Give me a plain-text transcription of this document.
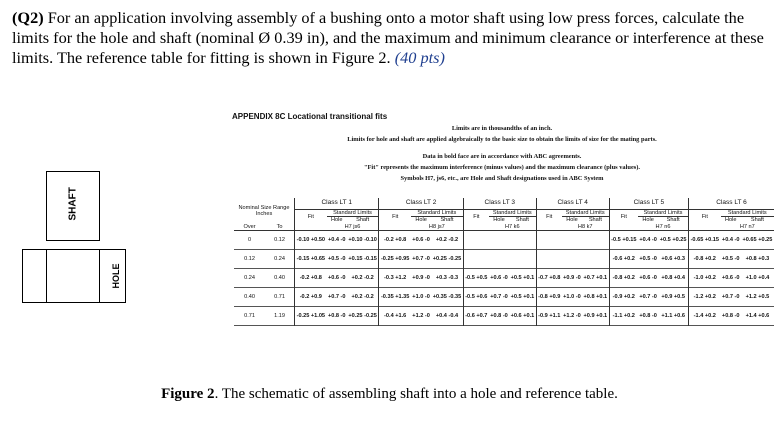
(Q2) For an application involving assembly of a bushing onto a motor shaft using low press forces, calculate the limits for the hole and shaft (nominal Ø 0.39 in), and the maximum and minimum clearance or interference at these limits. The reference table for fitting is shown in Figure 2. (40 pts)
SHAFT
HOLE
APPENDIX 8C Locational transitional fits
Limits are in thousandths of an inch.
Limits for hole and shaft are applied algebraically to the basic size to obtain the limits of size for the mating parts.
Data in bold face are in accordance with ABC agreements.
"Fit" represents the maximum interference (minus values) and the maximum clearance (plus values).
Symbols H7, js6, etc., are Hole and Shaft designations used in ABC System
Nominal Size Range Inches		Class LT 1			Class LT 2			Class LT 3			Class LT 4			Class LT 5			Class LT 6		
		Fit	Standard Limits		Fit	Standard Limits		Fit	Standard Limits		Fit	Standard Limits		Fit	Standard Limits		Fit	Standard Limits	
			Hole	Shaft		Hole	Shaft		Hole	Shaft		Hole	Shaft		Hole	Shaft		Hole	Shaft
Over	To		H7 js6			H8 js7			H7 k6			H8 k7			H7 n6			H7 n7	
0	0.12	-0.10 +0.50	+0.4 -0	+0.10 -0.10	-0.2 +0.8	+0.6 -0	+0.2 -0.2							-0.5 +0.15	+0.4 -0	+0.5 +0.25	-0.65 +0.15	+0.4 -0	+0.65 +0.25
0.12	0.24	-0.15 +0.65	+0.5 -0	+0.15 -0.15	-0.25 +0.95	+0.7 -0	+0.25 -0.25							-0.6 +0.2	+0.5 -0	+0.6 +0.3	-0.8 +0.2	+0.5 -0	+0.8 +0.3
0.24	0.40	-0.2 +0.8	+0.6 -0	+0.2 -0.2	-0.3 +1.2	+0.9 -0	+0.3 -0.3	-0.5 +0.5	+0.6 -0	+0.5 +0.1	-0.7 +0.8	+0.9 -0	+0.7 +0.1	-0.8 +0.2	+0.6 -0	+0.8 +0.4	-1.0 +0.2	+0.6 -0	+1.0 +0.4
0.40	0.71	-0.2 +0.9	+0.7 -0	+0.2 -0.2	-0.35 +1.35	+1.0 -0	+0.35 -0.35	-0.5 +0.6	+0.7 -0	+0.5 +0.1	-0.8 +0.9	+1.0 -0	+0.8 +0.1	-0.9 +0.2	+0.7 -0	+0.9 +0.5	-1.2 +0.2	+0.7 -0	+1.2 +0.5
0.71	1.19	-0.25 +1.05	+0.8 -0	+0.25 -0.25	-0.4 +1.6	+1.2 -0	+0.4 -0.4	-0.6 +0.7	+0.8 -0	+0.6 +0.1	-0.9 +1.1	+1.2 -0	+0.9 +0.1	-1.1 +0.2	+0.8 -0	+1.1 +0.6	-1.4 +0.2	+0.8 -0	+1.4 +0.6
Figure 2. The schematic of assembling shaft into a hole and reference table.
